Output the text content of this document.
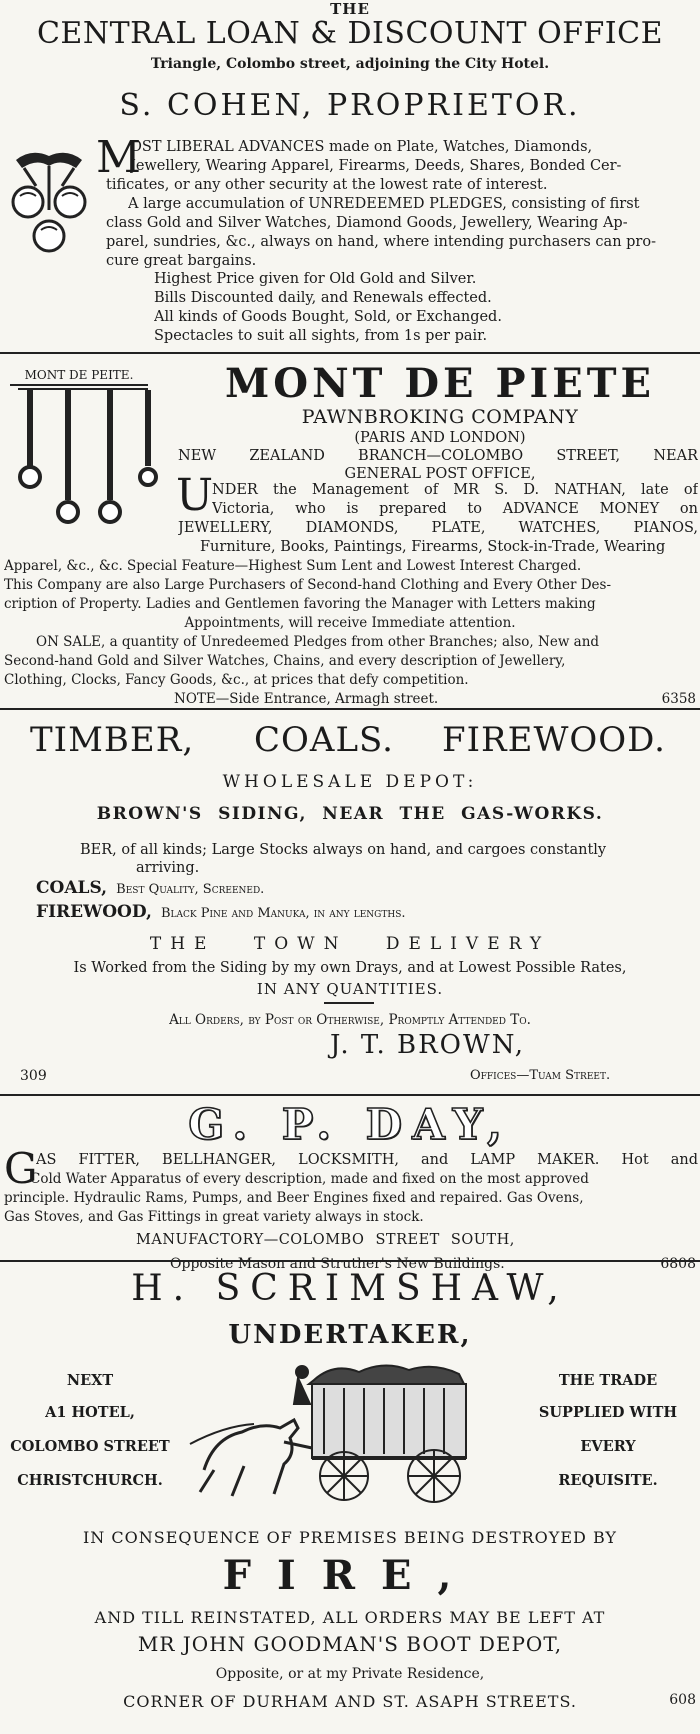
THE
CENTRAL LOAN & DISCOUNT OFFICE
Triangle, Colombo street, adjoining the City Hotel.
S. COHEN, PROPRIETOR.
M
OST LIBERAL ADVANCES made on Plate, Watches, Diamonds,
Jewellery, Wearing Apparel, Firearms, Deeds, Shares, Bonded Cer-
tificates, or any other security at the lowest rate of interest.
A large accumulation of UNREDEEMED PLEDGES, consisting of first
class Gold and Silver Watches, Diamond Goods, Jewellery, Wearing Ap-
parel, sundries, &c., always on hand, where intending purchasers can pro-
cure great bargains.
Highest Price given for Old Gold and Silver.
Bills Discounted daily, and Renewals effected.
All kinds of Goods Bought, Sold, or Exchanged.
Spectacles to suit all sights, from 1s per pair.
MONT DE PEITE.	MONT DE PIETE
PAWNBROKING COMPANY
(PARIS AND LONDON)
NEW ZEALAND BRANCH—COLOMBO STREET, NEAR
GENERAL POST OFFICE,
U
NDER the Management of MR S. D. NATHAN, late of
Victoria, who is prepared to ADVANCE MONEY on
JEWELLERY, DIAMONDS, PLATE, WATCHES, PIANOS,
Furniture, Books, Paintings, Firearms, Stock-in-Trade, Wearing
Apparel, &c., &c. Special Feature—Highest Sum Lent and Lowest Interest Charged.
This Company are also Large Purchasers of Second-hand Clothing and Every Other Des-
cription of Property. Ladies and Gentlemen favoring the Manager with Letters making
Appointments, will receive Immediate attention.
ON SALE, a quantity of Unredeemed Pledges from other Branches; also, New and
Second-hand Gold and Silver Watches, Chains, and every description of Jewellery,
Clothing, Clocks, Fancy Goods, &c., at prices that defy competition.
NOTE—Side Entrance, Armagh street.	6358
TIMBER, COALS. FIREWOOD.
WHOLESALE DEPOT:
BROWN'S SIDING, NEAR THE GAS-WORKS.
BER, of all kinds; Large Stocks always on hand, and cargoes constantly
arriving.
COALS, Best Quality, Screened.
FIREWOOD, Black Pine and Manuka, in any lengths.
THE TOWN DELIVERY
Is Worked from the Siding by my own Drays, and at Lowest Possible Rates,
IN ANY QUANTITIES.
All Orders, by Post or Otherwise, Promptly Attended To.
J. T. BROWN,
309	Offices—Tuam Street.
G. P. DAY,
G
AS FITTER, BELLHANGER, LOCKSMITH, and LAMP MAKER. Hot and
Cold Water Apparatus of every description, made and fixed on the most approved
principle. Hydraulic Rams, Pumps, and Beer Engines fixed and repaired. Gas Ovens,
Gas Stoves, and Gas Fittings in great variety always in stock.
MANUFACTORY—COLOMBO STREET SOUTH,
Opposite Mason and Struther's New Buildings.	6808
H. SCRIMSHAW,
UNDERTAKER,
NEXT
A1 HOTEL,
COLOMBO STREET
CHRISTCHURCH.
THE TRADE
SUPPLIED WITH
EVERY
REQUISITE.
IN CONSEQUENCE OF PREMISES BEING DESTROYED BY
FIRE,
AND TILL REINSTATED, ALL ORDERS MAY BE LEFT AT
MR JOHN GOODMAN'S BOOT DEPOT,
Opposite, or at my Private Residence,
CORNER OF DURHAM AND ST. ASAPH STREETS.	608
